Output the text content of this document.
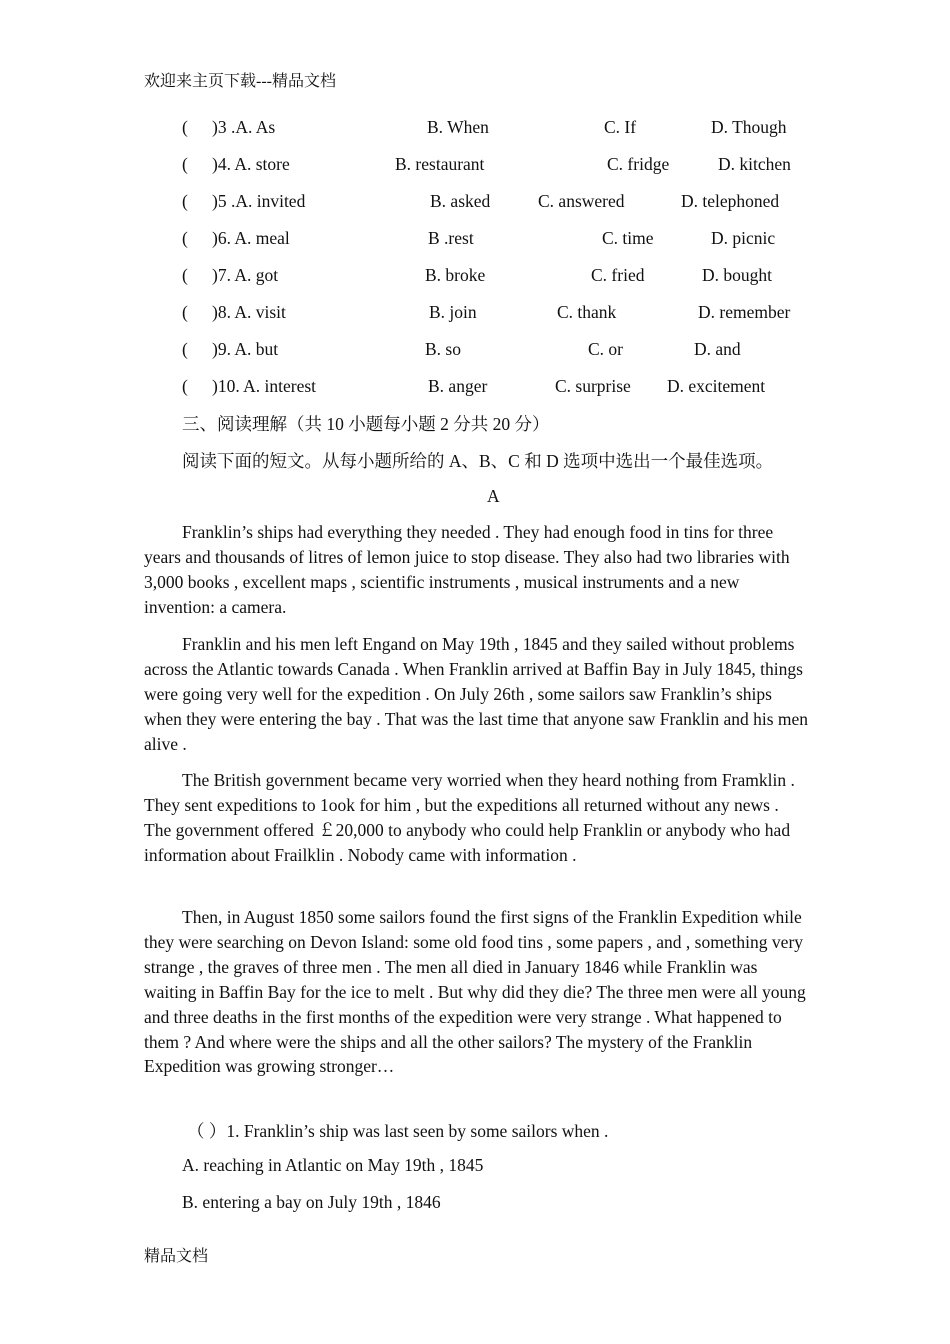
欢迎来主页下载---精品文档
( )3 .A. As	B. When	C. If	D. Though
( )4. A. store	B. restaurant	C. fridge	D. kitchen
( )5 .A. invited	B. asked	C. answered	D. telephoned
( )6. A. meal	B .rest	C. time	D. picnic
( )7. A. got	B. broke	C. fried	D. bought
( )8. A. visit	B. join	C. thank	D. remember
( )9. A. but	B. so	C. or	D. and
( )10. A. interest	B. anger	C. surprise D. excitement
三、阅读理解（共 10 小题每小题 2 分共 20 分）
阅读下面的短文。从每小题所给的 A、B、C 和 D 选项中选出一个最佳选项。
A

Franklin’s ships had everything they needed . They had enough food in tins for three years and thousands of litres of lemon juice to stop disease. They also had two libraries with 3,000 books , excellent maps , scientific instruments , musical instruments and a new invention: a camera.

Franklin and his men left Engand on May 19th , 1845 and they sailed without problems across the Atlantic towards Canada . When Franklin arrived at Baffin Bay in July 1845, things were going very well for the expedition . On July 26th , some sailors saw Franklin’s ships when they were entering the bay . That was the last time that anyone saw Franklin and his men alive .

The British government became very worried when they heard nothing from Framklin . They sent expeditions to 1ook for him , but the expeditions all returned without any news . The government offered ￡20,000 to anybody who could help Franklin or anybody who had information about Frailklin . Nobody came with information .

Then, in August 1850 some sailors found the first signs of the Franklin Expedition while they were searching on Devon Island: some old food tins , some papers , and , something very strange , the graves of three men . The men all died in January 1846 while Franklin was waiting in Baffin Bay for the ice to melt . But why did they die? The three men were all young and three deaths in the first months of the expedition were very strange . What happened to them ? And where were the ships and all the other sailors? The mystery of the Franklin Expedition was growing stronger…

（ ）1. Franklin’s ship was last seen by some sailors when .
A. reaching in Atlantic on May 19th , 1845
B. entering a bay on July 19th , 1846
精品文档
